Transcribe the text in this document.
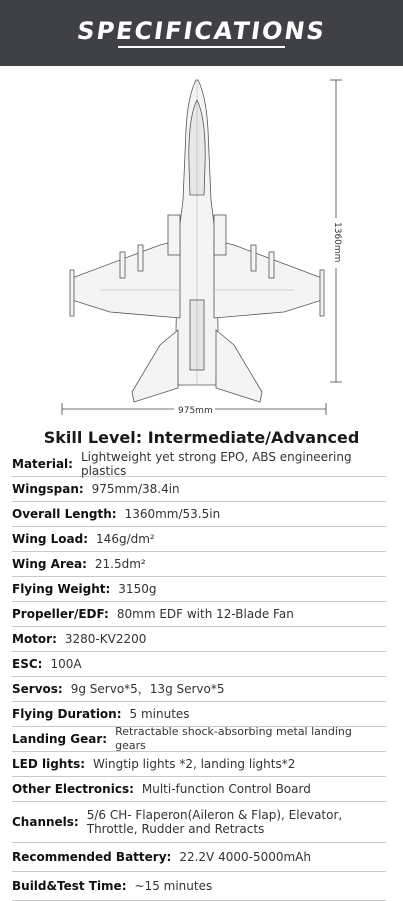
SPECIFICATIONS
975mm
1360mm
Skill Level: Intermediate/Advanced
Material: Lightweight yet strong EPO, ABS engineering plastics
Wingspan: 975mm/38.4in
Overall Length: 1360mm/53.5in
Wing Load: 146g/dm²
Wing Area: 21.5dm²
Flying Weight: 3150g
Propeller/EDF: 80mm EDF with 12-Blade Fan
Motor: 3280-KV2200
ESC: 100A
Servos: 9g Servo*5，13g Servo*5
Flying Duration: 5 minutes
Landing Gear:
Retractable shock-absorbing metal landing gears
LED lights: Wingtip lights *2, landing lights*2
Other Electronics: Multi-function Control Board
Channels: 5/6 CH- Flaperon(Aileron & Flap), Elevator, Throttle, Rudder and Retracts
Recommended Battery: 22.2V 4000-5000mAh
Build&Test Time: ~15 minutes
